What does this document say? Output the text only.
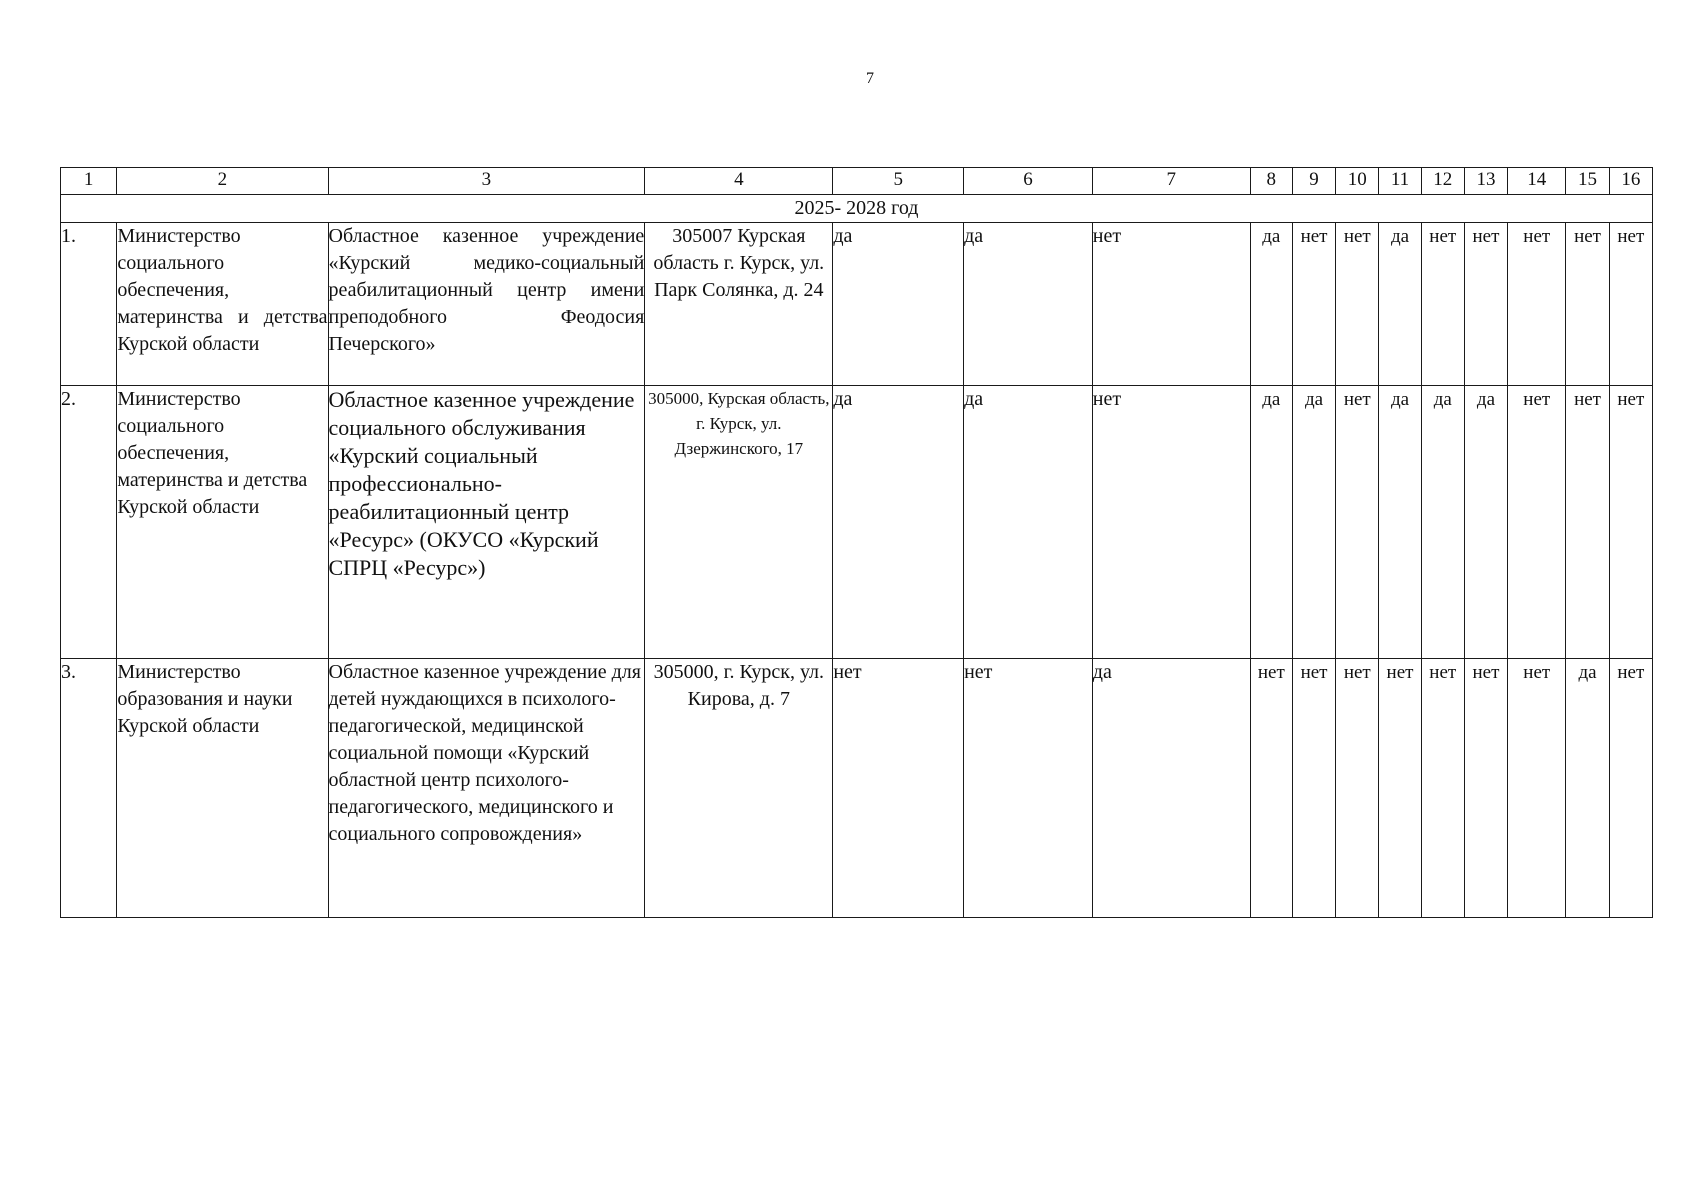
7
1	2	3	4	5	6	7	8	9	10	11	12	13	14	15	16
2025- 2028 год															
1.	Министерство социального обеспечения, материнства и детства Курской области	Областное казенное учреждение «Курский медико-социальный реабилитационный центр имени преподобного Феодосия Печерского»	305007 Курская область г. Курск, ул. Парк Солянка, д. 24	да	да	нет	да	нет	нет	да	нет	нет	нет	нет	нет
2.	Министерство социального обеспечения, материнства и детства Курской области	Областное казенное учреждение социального обслуживания «Курский социальный профессионально-реабилитационный центр «Ресурс» (ОКУСО «Курский СПРЦ «Ресурс»)	305000, Курская область, г. Курск, ул. Дзержинского, 17	да	да	нет	да	да	нет	да	да	да	нет	нет	нет
3.	Министерство образования и науки Курской области	Областное казенное учреждение для детей нуждающихся в психолого-педагогической, медицинской социальной помощи «Курский областной центр психолого-педагогического, медицинского и социального сопровождения»	305000, г. Курск, ул. Кирова, д. 7	нет	нет	да	нет	нет	нет	нет	нет	нет	нет	да	нет
